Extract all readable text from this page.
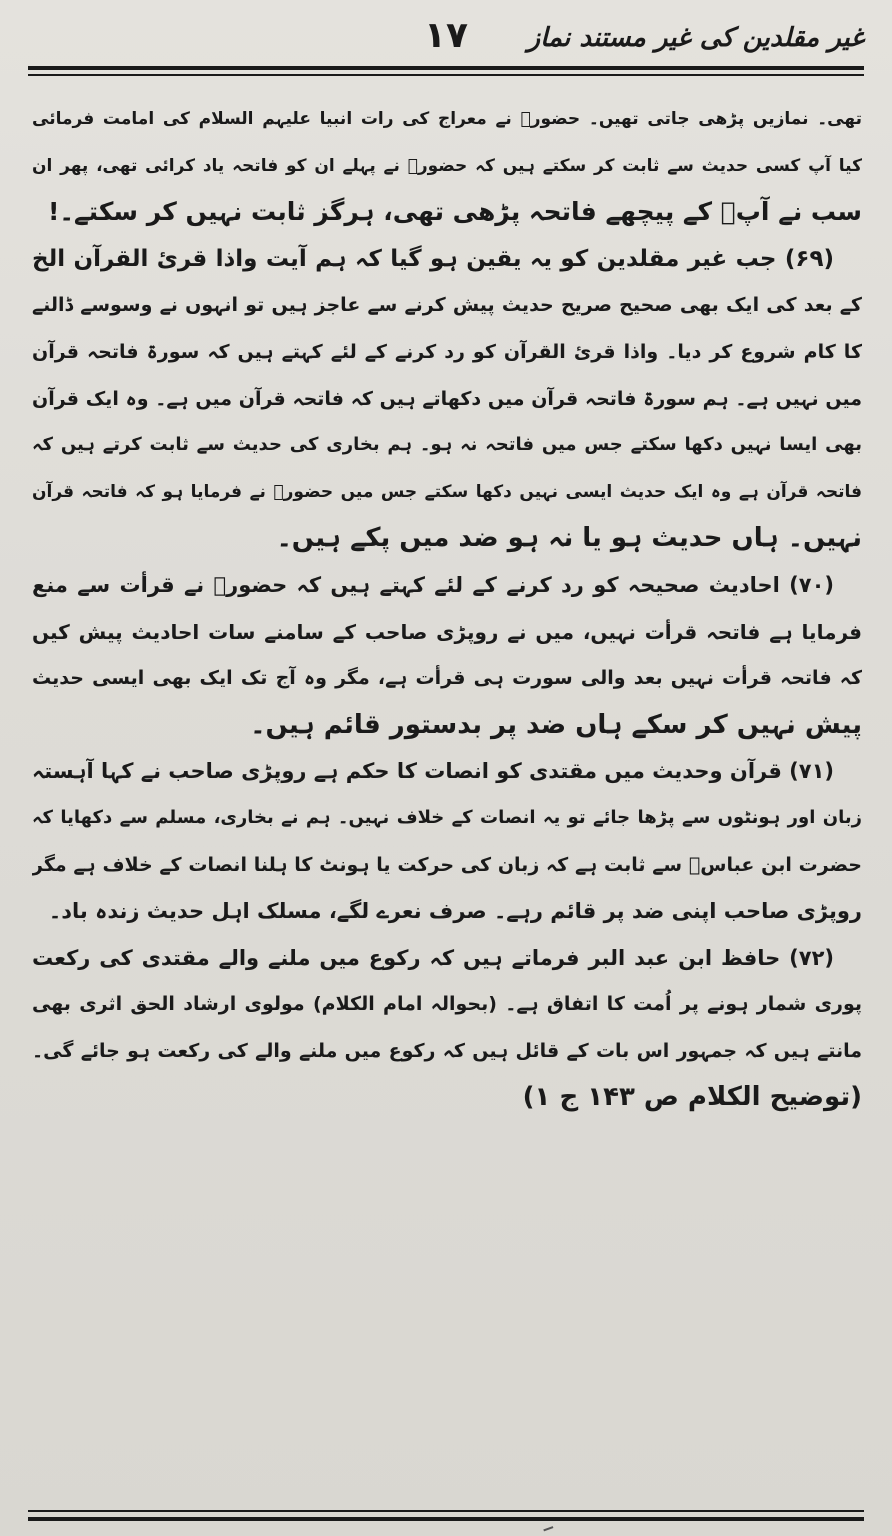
۱۷	غیر مقلدین کی غیر مستند نماز
تھی۔ نمازیں پڑھی جاتی تھیں۔ حضورؐ نے معراج کی رات انبیا علیہم السلام کی امامت فرمائی
کیا آپ کسی حدیث سے ثابت کر سکتے ہیں کہ حضورؐ نے پہلے ان کو فاتحہ یاد کرائی تھی، پھر ان
سب نے آپؐ کے پیچھے فاتحہ پڑھی تھی، ہرگز ثابت نہیں کر سکتے۔!
(۶۹) جب غیر مقلدین کو یہ یقین ہو گیا کہ ہم آیت واذا قرئ القرآن الخ
کے بعد کی ایک بھی صحیح صریح حدیث پیش کرنے سے عاجز ہیں تو انہوں نے وسوسے ڈالنے
کا کام شروع کر دیا۔ واذا قرئ القرآن کو رد کرنے کے لئے کہتے ہیں کہ سورۃ فاتحہ قرآن
میں نہیں ہے۔ ہم سورۃ فاتحہ قرآن میں دکھاتے ہیں کہ فاتحہ قرآن میں ہے۔ وہ ایک قرآن
بھی ایسا نہیں دکھا سکتے جس میں فاتحہ نہ ہو۔ ہم بخاری کی حدیث سے ثابت کرتے ہیں کہ
فاتحہ قرآن ہے وہ ایک حدیث ایسی نہیں دکھا سکتے جس میں حضورؐ نے فرمایا ہو کہ فاتحہ قرآن
نہیں۔ ہاں حدیث ہو یا نہ ہو ضد میں پکے ہیں۔
(۷۰) احادیث صحیحہ کو رد کرنے کے لئے کہتے ہیں کہ حضورؐ نے قرأت سے منع
فرمایا ہے فاتحہ قرأت نہیں، میں نے روپڑی صاحب کے سامنے سات احادیث پیش کیں
کہ فاتحہ قرأت نہیں بعد والی سورت ہی قرأت ہے، مگر وہ آج تک ایک بھی ایسی حدیث
پیش نہیں کر سکے ہاں ضد پر بدستور قائم ہیں۔
(۷۱) قرآن وحدیث میں مقتدی کو انصات کا حکم ہے روپڑی صاحب نے کہا آہستہ
زبان اور ہونٹوں سے پڑھا جائے تو یہ انصات کے خلاف نہیں۔ ہم نے بخاری، مسلم سے دکھایا کہ
حضرت ابن عباسؓ سے ثابت ہے کہ زبان کی حرکت یا ہونٹ کا ہلنا انصات کے خلاف ہے مگر
روپڑی صاحب اپنی ضد پر قائم رہے۔ صرف نعرے لگے، مسلک اہل حدیث زندہ باد۔
(۷۲) حافظ ابن عبد البر فرماتے ہیں کہ رکوع میں ملنے والے مقتدی کی رکعت
پوری شمار ہونے پر اُمت کا اتفاق ہے۔ (بحوالہ امام الکلام) مولوی ارشاد الحق اثری بھی
مانتے ہیں کہ جمہور اس بات کے قائل ہیں کہ رکوع میں ملنے والے کی رکعت ہو جائے گی۔
(توضیح الکلام ص ۱۴۳ ج ۱)
